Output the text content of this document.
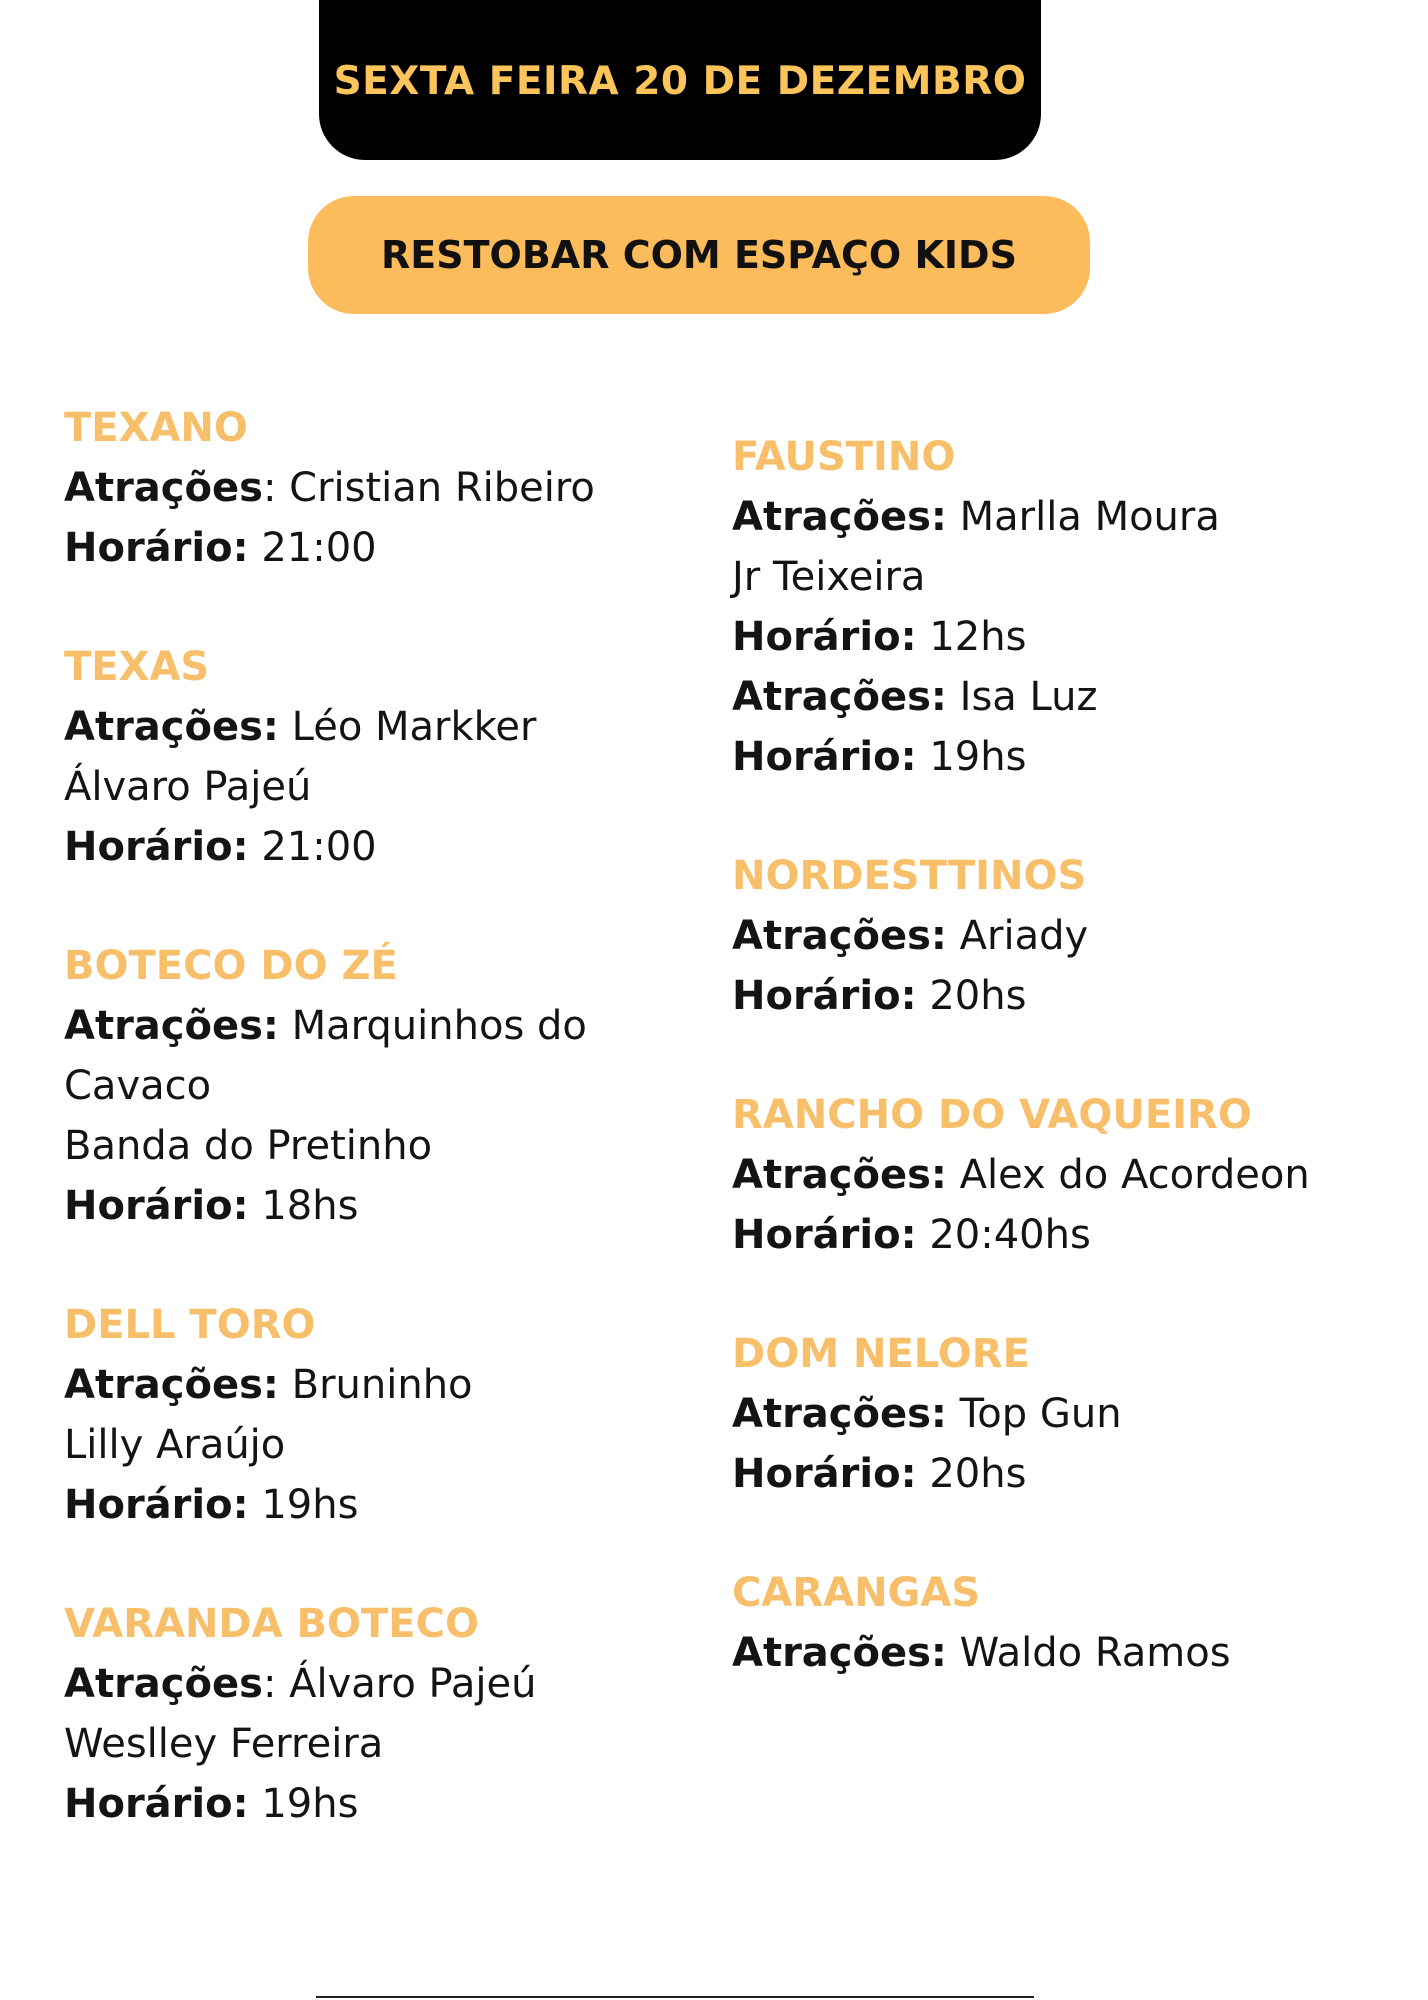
SEXTA FEIRA 20 DE DEZEMBRO
RESTOBAR COM ESPAÇO KIDS

TEXANO

Atrações: Cristian Ribeiro

Horário: 21:00

TEXAS

Atrações: Léo Markker

Álvaro Pajeú

Horário: 21:00

BOTECO DO ZÉ

Atrações: Marquinhos do

Cavaco

Banda do Pretinho

Horário: 18hs

DELL TORO

Atrações: Bruninho

Lilly Araújo

Horário: 19hs

VARANDA BOTECO

Atrações: Álvaro Pajeú

Weslley Ferreira

Horário: 19hs

FAUSTINO

Atrações: Marlla Moura

Jr Teixeira

Horário: 12hs

Atrações: Isa Luz

Horário: 19hs

NORDESTTINOS

Atrações: Ariady

Horário: 20hs

RANCHO DO VAQUEIRO

Atrações: Alex do Acordeon

Horário: 20:40hs

DOM NELORE

Atrações: Top Gun

Horário: 20hs

CARANGAS

Atrações: Waldo Ramos
